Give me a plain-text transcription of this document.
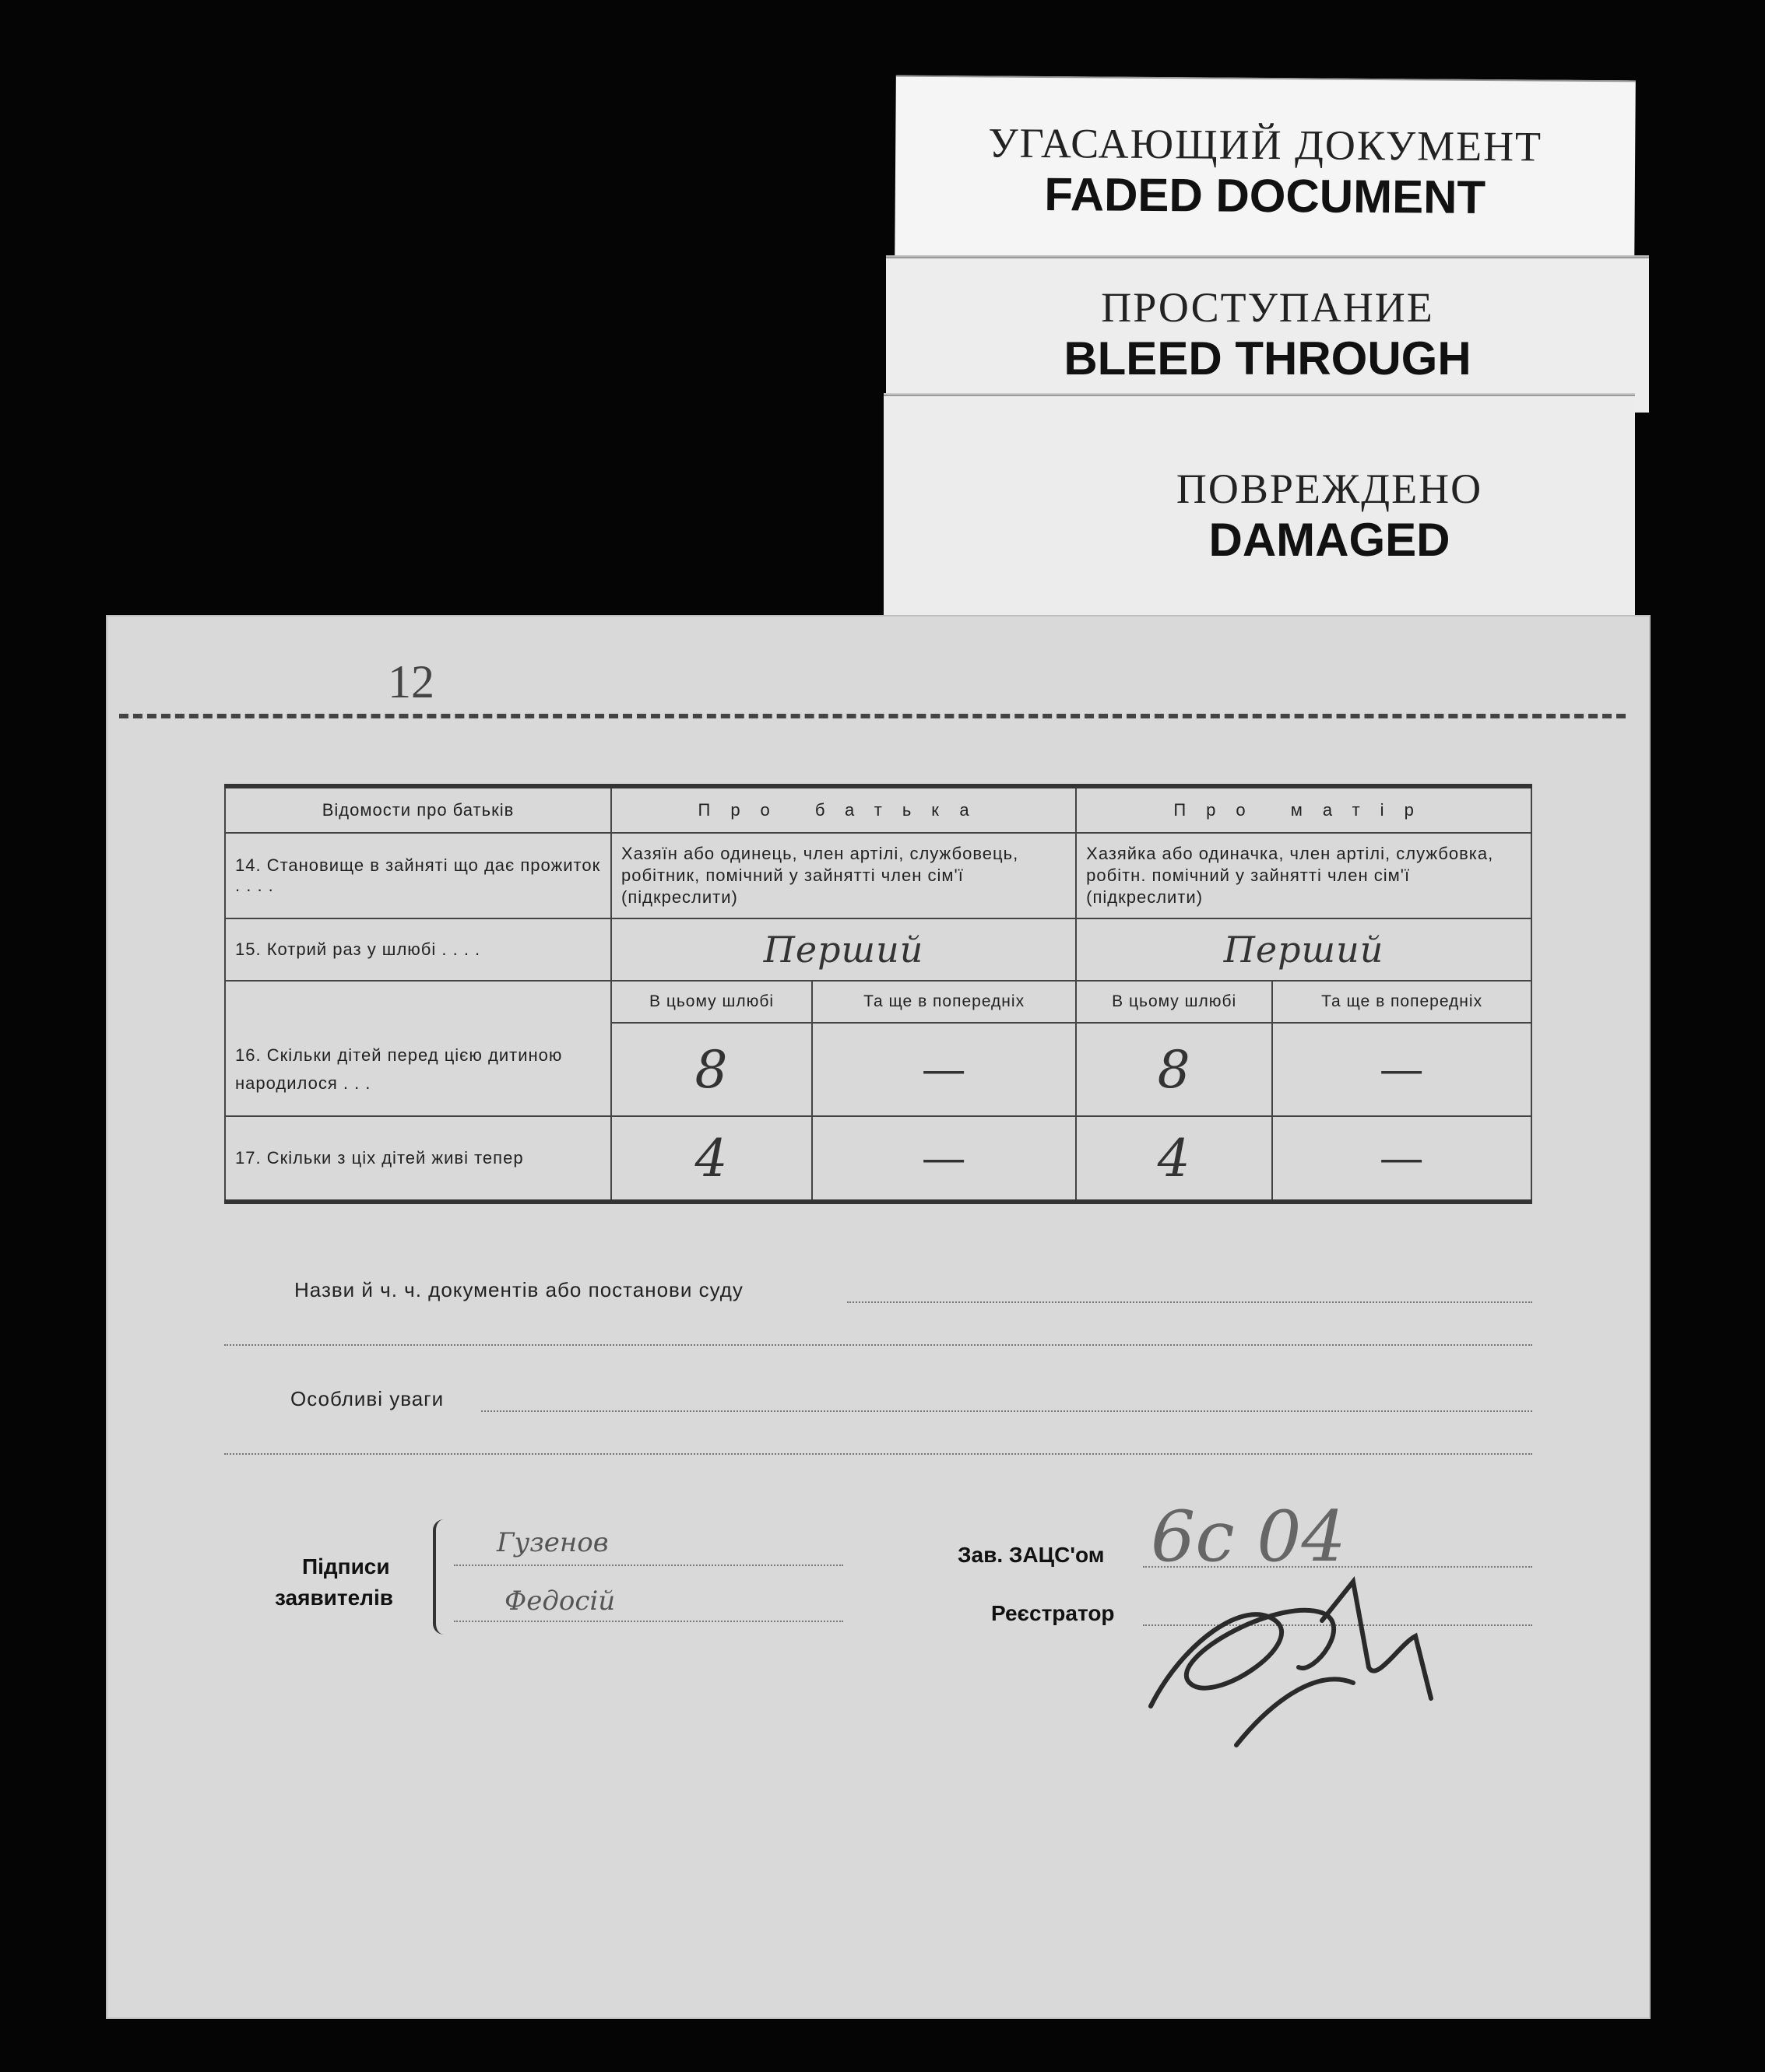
УГАСАЮЩИЙ ДОКУМЕНТ
FADED DOCUMENT
ПРОСТУПАНИЕ
BLEED THROUGH
ПОВРЕЖДЕНО
DAMAGED
12
Відомости про батьків	Про батька		Про матір	
14. Становище в зайняті що дає прожиток . . . .	Хазяїн або одинець, член артілі, службовець, робітник, помічний у зайнятті член сім'ї (підкреслити)		Хазяйка або одиначка, член артілі, службовка, робітн. помічний у зайнятті член сім'ї (підкреслити)	
15. Котрий раз у шлюбі . . . .	Перший		Перший	
	В цьому шлюбі	Та ще в попередніх	В цьому шлюбі	Та ще в попередніх
16. Скільки дітей перед цією дитиною народилося . . .	8	—	8	—
17. Скільки з ціх дітей живі тепер	4	—	4	—
Назви й ч. ч. документів або постанови суду
Особливі уваги
Підписи
заявителів
Гузенов
Федосій
Зав. ЗАЦС'ом
Реєстратор
6с 04
